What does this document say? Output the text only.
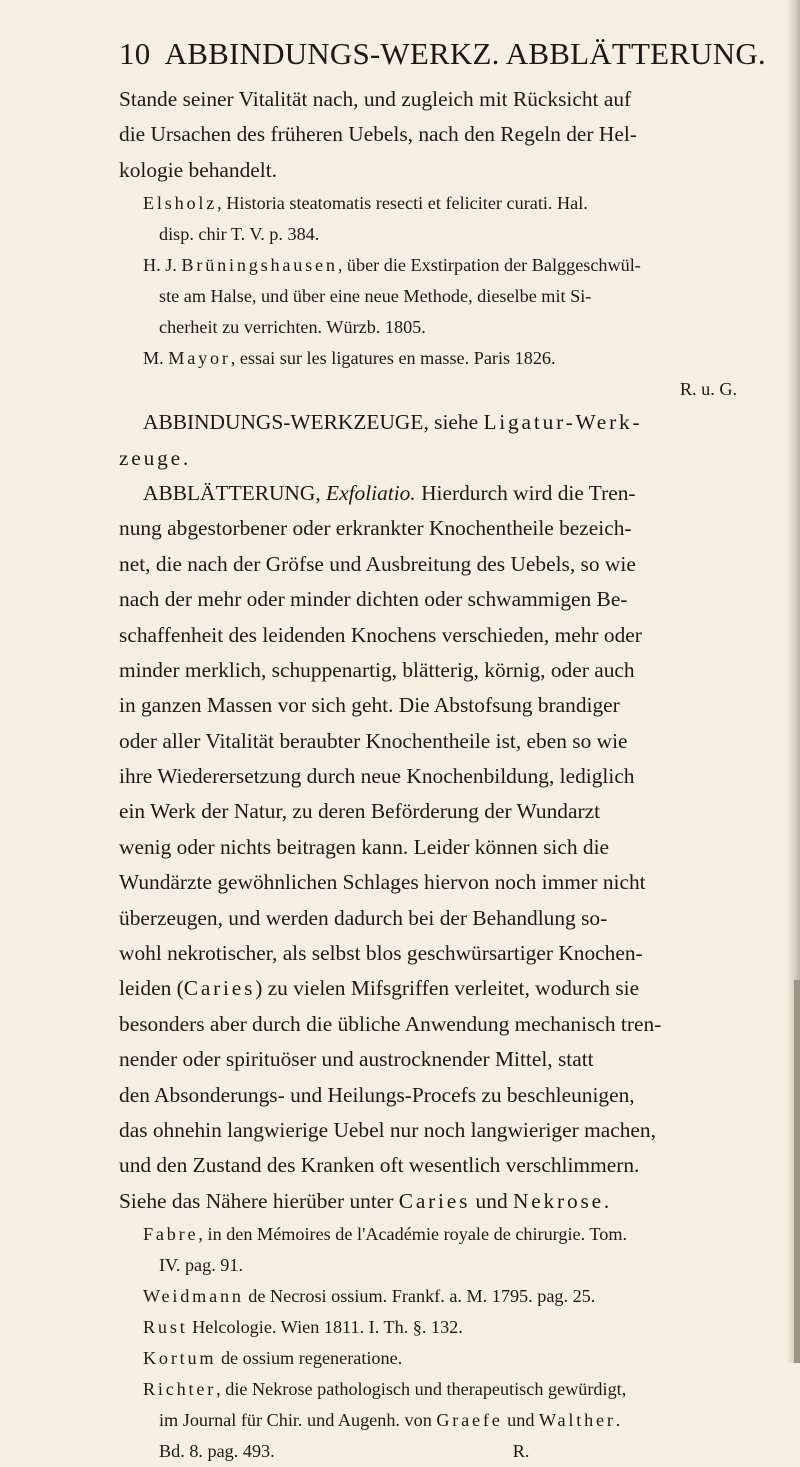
10 ABBINDUNGS-WERKZ. ABBLÄTTERUNG.
Stande seiner Vitalität nach, und zugleich mit Rücksicht auf
die Ursachen des früheren Uebels, nach den Regeln der Hel-
kologie behandelt.
Elsholz, Historia steatomatis resecti et feliciter curati. Hal.
disp. chir T. V. p. 384.
H. J. Brüningshausen, über die Exstirpation der Balggeschwül-
ste am Halse, und über eine neue Methode, dieselbe mit Si-
cherheit zu verrichten. Würzb. 1805.
M. Mayor, essai sur les ligatures en masse. Paris 1826.
R. u. G.
ABBINDUNGS-WERKZEUGE, siehe Ligatur-Werk-
zeuge.
ABBLÄTTERUNG, Exfoliatio. Hierdurch wird die Tren-
nung abgestorbener oder erkrankter Knochentheile bezeich-
net, die nach der Gröfse und Ausbreitung des Uebels, so wie
nach der mehr oder minder dichten oder schwammigen Be-
schaffenheit des leidenden Knochens verschieden, mehr oder
minder merklich, schuppenartig, blätterig, körnig, oder auch
in ganzen Massen vor sich geht. Die Abstofsung brandiger
oder aller Vitalität beraubter Knochentheile ist, eben so wie
ihre Wiederersetzung durch neue Knochenbildung, lediglich
ein Werk der Natur, zu deren Beförderung der Wundarzt
wenig oder nichts beitragen kann. Leider können sich die
Wundärzte gewöhnlichen Schlages hiervon noch immer nicht
überzeugen, und werden dadurch bei der Behandlung so-
wohl nekrotischer, als selbst blos geschwürsartiger Knochen-
leiden (Caries) zu vielen Mifsgriffen verleitet, wodurch sie
besonders aber durch die übliche Anwendung mechanisch tren-
nender oder spirituöser und austrocknender Mittel, statt
den Absonderungs- und Heilungs-Procefs zu beschleunigen,
das ohnehin langwierige Uebel nur noch langwieriger machen,
und den Zustand des Kranken oft wesentlich verschlimmern.
Siehe das Nähere hierüber unter Caries und Nekrose.
Fabre, in den Mémoires de l'Académie royale de chirurgie. Tom.
IV. pag. 91.
Weidmann de Necrosi ossium. Frankf. a. M. 1795. pag. 25.
Rust Helcologie. Wien 1811. I. Th. §. 132.
Kortum de ossium regeneratione.
Richter, die Nekrose pathologisch und therapeutisch gewürdigt,
im Journal für Chir. und Augenh. von Graefe und Walther.
Bd. 8. pag. 493.	R.
